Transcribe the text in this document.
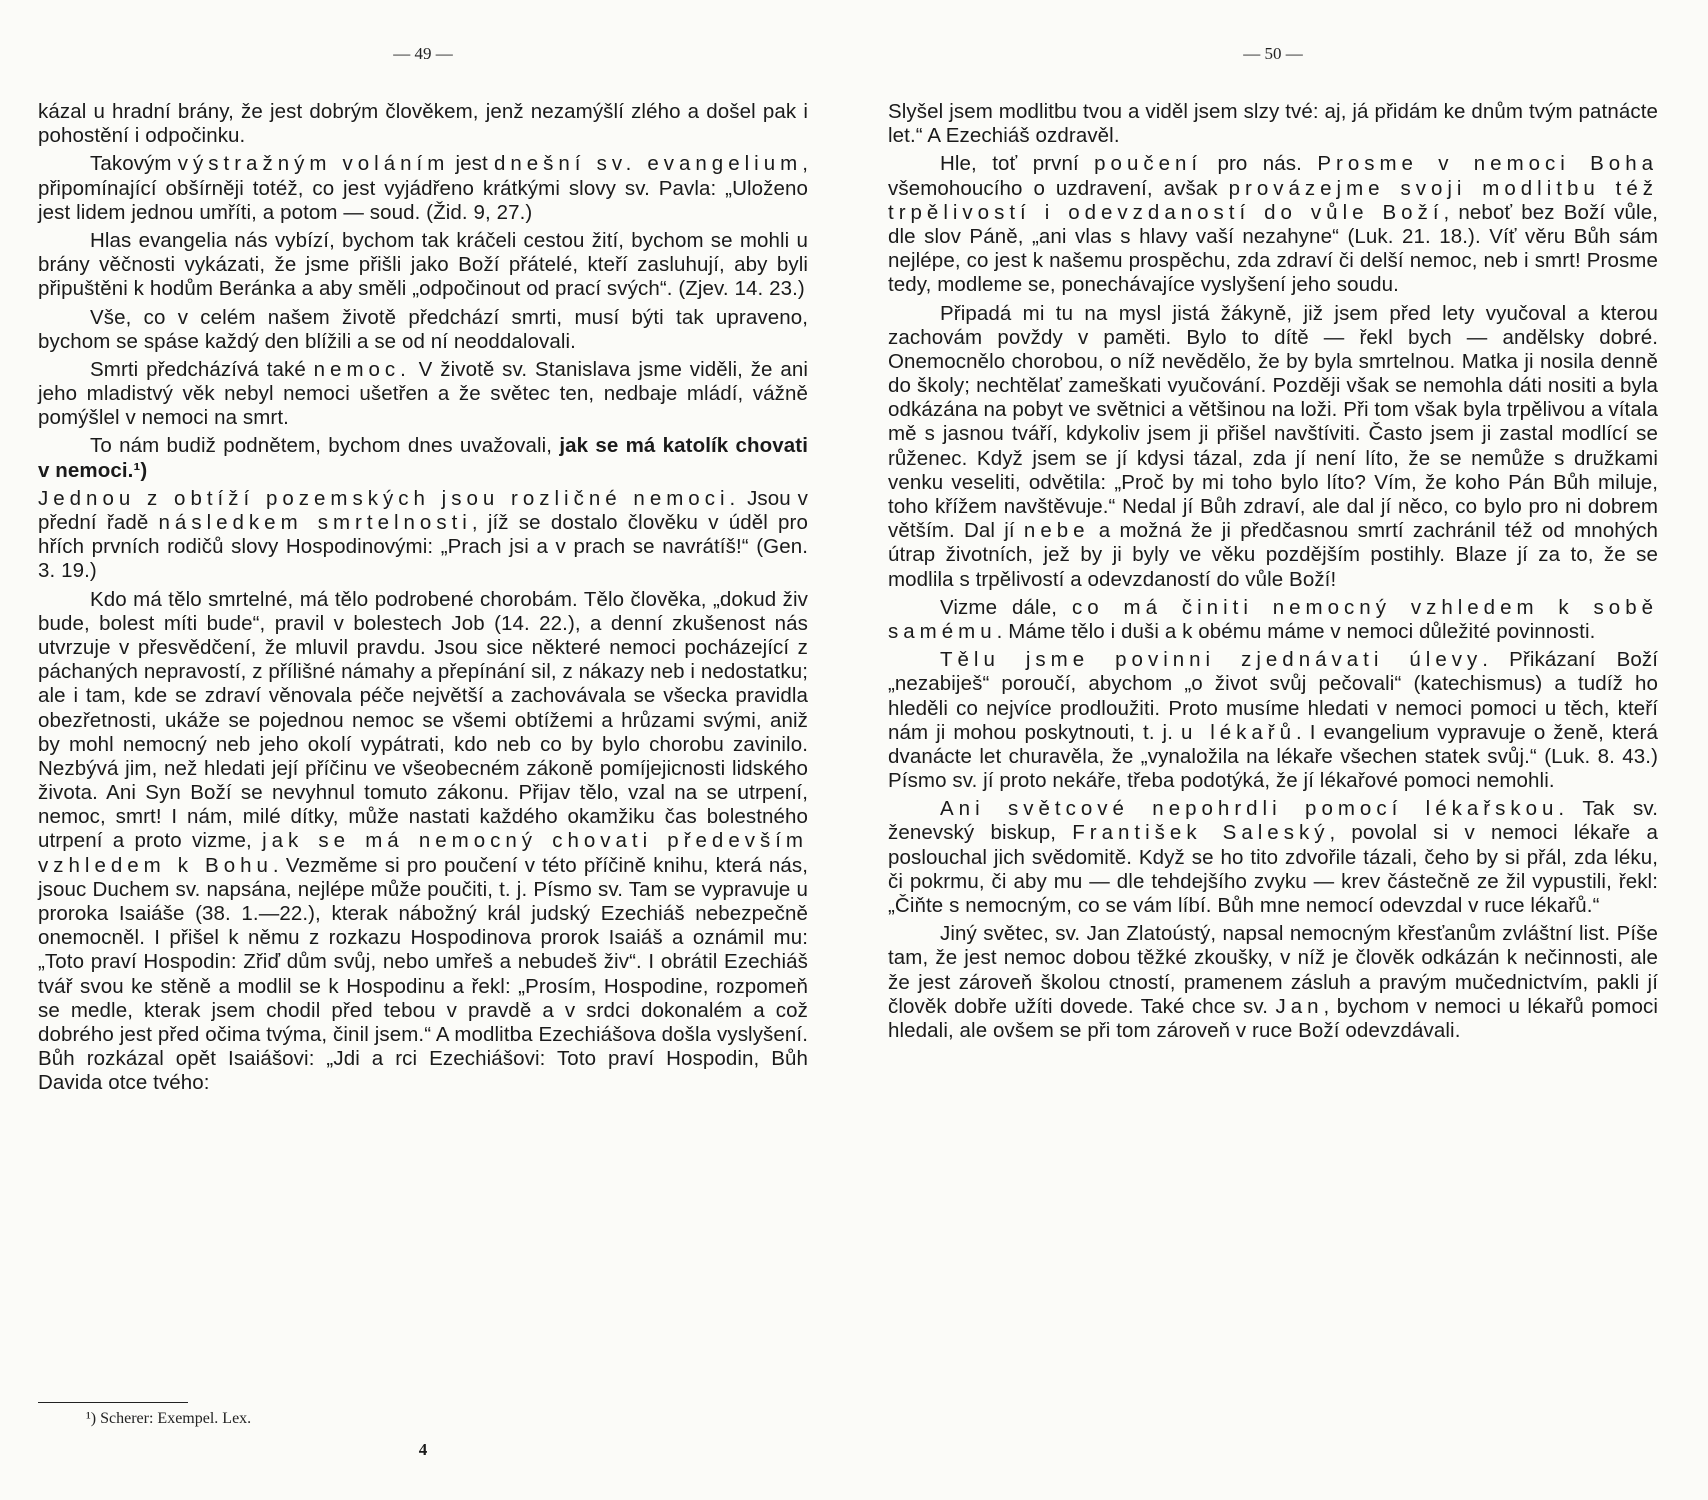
— 49 —

kázal u hradní brány, že jest dobrým člověkem, jenž nezamýšlí zlého a došel pak i pohostění i odpočinku.

Takovým výstražným voláním jest dnešní sv. evangelium, připomínající obšírněji totéž, co jest vyjádřeno krátkými slovy sv. Pavla: „Uloženo jest lidem jednou umříti, a potom — soud. (Žid. 9, 27.)

Hlas evangelia nás vybízí, bychom tak kráčeli cestou žití, bychom se mohli u brány věčnosti vykázati, že jsme přišli jako Boží přátelé, kteří zasluhují, aby byli připuštěni k hodům Beránka a aby směli „odpočinout od prací svých“. (Zjev. 14. 23.)

Vše, co v celém našem životě předchází smrti, musí býti tak upraveno, bychom se spáse každý den blížili a se od ní neoddalovali.

Smrti předcházívá také nemoc. V životě sv. Stanislava jsme viděli, že ani jeho mladistvý věk nebyl nemoci ušetřen a že světec ten, nedbaje mládí, vážně pomýšlel v nemoci na smrt.

To nám budiž podnětem, bychom dnes uvažovali, jak se má katolík chovati v nemoci.¹)

Jednou z obtíží pozemských jsou rozličné nemoci. Jsou v přední řadě následkem smrtelnosti, jíž se dostalo člověku v úděl pro hřích prvních rodičů slovy Hospodinovými: „Prach jsi a v prach se navrátíš!“ (Gen. 3. 19.)

Kdo má tělo smrtelné, má tělo podrobené chorobám. Tělo člověka, „dokud živ bude, bolest míti bude“, pravil v bolestech Job (14. 22.), a denní zkušenost nás utvrzuje v přesvědčení, že mluvil pravdu. Jsou sice některé nemoci pocházející z páchaných nepravostí, z přílišné námahy a přepínání sil, z nákazy neb i nedostatku; ale i tam, kde se zdraví věnovala péče největší a zachovávala se všecka pravidla obezřetnosti, ukáže se pojednou nemoc se všemi obtížemi a hrůzami svými, aniž by mohl nemocný neb jeho okolí vypátrati, kdo neb co by bylo chorobu zavinilo. Nezbývá jim, než hledati její příčinu ve všeobecném zákoně pomíjejicnosti lidského života. Ani Syn Boží se nevyhnul tomuto zákonu. Přijav tělo, vzal na se utrpení, nemoc, smrt! I nám, milé dítky, může nastati každého okamžiku čas bolestného utrpení a proto vizme, jak se má nemocný chovati především vzhledem k Bohu. Vezměme si pro poučení v této příčině knihu, která nás, jsouc Duchem sv. napsána, nejlépe může poučiti, t. j. Písmo sv. Tam se vypravuje u proroka Isaiáše (38. 1.—22.), kterak nábožný král judský Ezechiáš nebezpečně onemocněl. I přišel k němu z rozkazu Hospodinova prorok Isaiáš a oznámil mu: „Toto praví Hospodin: Zřiď dům svůj, nebo umřeš a nebudeš živ“. I obrátil Ezechiáš tvář svou ke stěně a modlil se k Hospodinu a řekl: „Prosím, Hospodine, rozpomeň se medle, kterak jsem chodil před tebou v pravdě a v srdci dokonalém a což dobrého jest před očima tvýma, činil jsem.“ A modlitba Ezechiášova došla vyslyšení. Bůh rozkázal opět Isaiášovi: „Jdi a rci Ezechiášovi: Toto praví Hospodin, Bůh Davida otce tvého:

¹) Scherer: Exempel. Lex.
4
— 50 —

Slyšel jsem modlitbu tvou a viděl jsem slzy tvé: aj, já přidám ke dnům tvým patnácte let.“ A Ezechiáš ozdravěl.

Hle, toť první poučení pro nás. Prosme v nemoci Boha všemohoucího o uzdravení, avšak provázejme svoji modlitbu též trpělivostí i odevzdaností do vůle Boží, neboť bez Boží vůle, dle slov Páně, „ani vlas s hlavy vaší nezahyne“ (Luk. 21. 18.). Víť věru Bůh sám nejlépe, co jest k našemu prospěchu, zda zdraví či delší nemoc, neb i smrt! Prosme tedy, modleme se, ponechávajíce vyslyšení jeho soudu.

Připadá mi tu na mysl jistá žákyně, již jsem před lety vyučoval a kterou zachovám povždy v paměti. Bylo to dítě — řekl bych — andělsky dobré. Onemocnělo chorobou, o níž nevědělo, že by byla smrtelnou. Matka ji nosila denně do školy; nechtělať zameškati vyučování. Později však se nemohla dáti nositi a byla odkázána na pobyt ve světnici a většinou na loži. Při tom však byla trpělivou a vítala mě s jasnou tváří, kdykoliv jsem ji přišel navštíviti. Často jsem ji zastal modlící se růženec. Když jsem se jí kdysi tázal, zda jí není líto, že se nemůže s družkami venku veseliti, odvětila: „Proč by mi toho bylo líto? Vím, že koho Pán Bůh miluje, toho křížem navštěvuje.“ Nedal jí Bůh zdraví, ale dal jí něco, co bylo pro ni dobrem větším. Dal jí nebe a možná že ji předčasnou smrtí zachránil též od mnohých útrap životních, jež by ji byly ve věku pozdějším postihly. Blaze jí za to, že se modlila s trpělivostí a odevzdaností do vůle Boží!

Vizme dále, co má činiti nemocný vzhledem k sobě samému. Máme tělo i duši a k obému máme v nemoci důležité povinnosti.

Tělu jsme povinni zjednávati úlevy. Přikázaní Boží „nezabiješ“ poroučí, abychom „o život svůj pečovali“ (katechismus) a tudíž ho hleděli co nejvíce prodloužiti. Proto musíme hledati v nemoci pomoci u těch, kteří nám ji mohou poskytnouti, t. j. u lékařů. I evangelium vypravuje o ženě, která dvanácte let churavěla, že „vynaložila na lékaře všechen statek svůj.“ (Luk. 8. 43.) Písmo sv. jí proto nekáře, třeba podotýká, že jí lékařové pomoci nemohli.

Ani světcové nepohrdli pomocí lékařskou. Tak sv. ženevský biskup, František Saleský, povolal si v nemoci lékaře a poslouchal jich svědomitě. Když se ho tito zdvořile tázali, čeho by si přál, zda léku, či pokrmu, či aby mu — dle tehdejšího zvyku — krev částečně ze žil vypustili, řekl: „Čiňte s nemocným, co se vám líbí. Bůh mne nemocí odevzdal v ruce lékařů.“

Jiný světec, sv. Jan Zlatoústý, napsal nemocným křesťanům zvláštní list. Píše tam, že jest nemoc dobou těžké zkoušky, v níž je člověk odkázán k nečinnosti, ale že jest zároveň školou ctností, pramenem zásluh a pravým mučednictvím, pakli jí člověk dobře užíti dovede. Také chce sv. Jan, bychom v nemoci u lékařů pomoci hledali, ale ovšem se při tom zároveň v ruce Boží odevzdávali.
